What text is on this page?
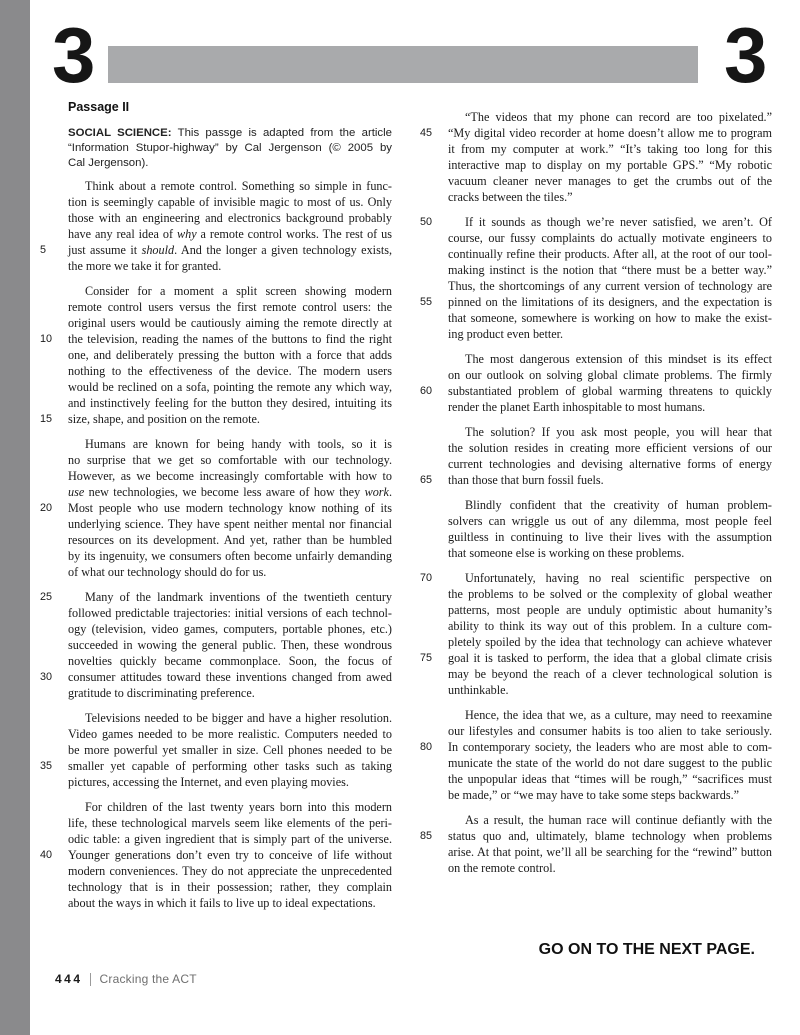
3	3
Passage II
SOCIAL SCIENCE: This passge is adapted from the article
“Information Stupor-highway” by Cal Jergenson (© 2005 by
Cal Jergenson).
Think about a remote control. Something so simple in func-
tion is seemingly capable of invisible magic to most of us. Only
those with an engineering and electronics background probably
have any real idea of why a remote control works. The rest of us
5	just assume it should. And the longer a given technology exists,
the more we take it for granted.
Consider for a moment a split screen showing modern
remote control users versus the first remote control users: the
original users would be cautiously aiming the remote directly at
10	the television, reading the names of the buttons to find the right
one, and deliberately pressing the button with a force that adds
nothing to the effectiveness of the device. The modern users
would be reclined on a sofa, pointing the remote any which way,
and instinctively feeling for the button they desired, intuiting its
15	size, shape, and position on the remote.
Humans are known for being handy with tools, so it is
no surprise that we get so comfortable with our technology.
However, as we become increasingly comfortable with how to
use new technologies, we become less aware of how they work.
20	Most people who use modern technology know nothing of its
underlying science. They have spent neither mental nor financial
resources on its development. And yet, rather than be humbled
by its ingenuity, we consumers often become unfairly demanding
of what our technology should do for us.
25	Many of the landmark inventions of the twentieth century
followed predictable trajectories: initial versions of each technol-
ogy (television, video games, computers, portable phones, etc.)
succeeded in wowing the general public. Then, these wondrous
novelties quickly became commonplace. Soon, the focus of
30	consumer attitudes toward these inventions changed from awed
gratitude to discriminating preference.
Televisions needed to be bigger and have a higher resolution.
Video games needed to be more realistic. Computers needed to
be more powerful yet smaller in size. Cell phones needed to be
35	smaller yet capable of performing other tasks such as taking
pictures, accessing the Internet, and even playing movies.
For children of the last twenty years born into this modern
life, these technological marvels seem like elements of the peri-
odic table: a given ingredient that is simply part of the universe.
40	Younger generations don’t even try to conceive of life without
modern conveniences. They do not appreciate the unprecedented
technology that is in their possession; rather, they complain
about the ways in which it fails to live up to ideal expectations.
“The videos that my phone can record are too pixelated.”
45	“My digital video recorder at home doesn’t allow me to program
it from my computer at work.” “It’s taking too long for this
interactive map to display on my portable GPS.” “My robotic
vacuum cleaner never manages to get the crumbs out of the
cracks between the tiles.”
50	If it sounds as though we’re never satisfied, we aren’t. Of
course, our fussy complaints do actually motivate engineers to
continually refine their products. After all, at the root of our tool-
making instinct is the notion that “there must be a better way.”
Thus, the shortcomings of any current version of technology are
55	pinned on the limitations of its designers, and the expectation is
that someone, somewhere is working on how to make the exist-
ing product even better.
The most dangerous extension of this mindset is its effect
on our outlook on solving global climate problems. The firmly
60	substantiated problem of global warming threatens to quickly
render the planet Earth inhospitable to most humans.
The solution? If you ask most people, you will hear that
the solution resides in creating more efficient versions of our
current technologies and devising alternative forms of energy
65	than those that burn fossil fuels.
Blindly confident that the creativity of human problem-
solvers can wriggle us out of any dilemma, most people feel
guiltless in continuing to live their lives with the assumption
that someone else is working on these problems.
70	Unfortunately, having no real scientific perspective on
the problems to be solved or the complexity of global weather
patterns, most people are unduly optimistic about humanity’s
ability to think its way out of this problem. In a culture com-
pletely spoiled by the idea that technology can achieve whatever
75	goal it is tasked to perform, the idea that a global climate crisis
may be beyond the reach of a clever technological solution is
unthinkable.
Hence, the idea that we, as a culture, may need to reexamine
our lifestyles and consumer habits is too alien to take seriously.
80	In contemporary society, the leaders who are most able to com-
municate the state of the world do not dare suggest to the public
the unpopular ideas that “times will be rough,” “sacrifices must
be made,” or “we may have to take some steps backwards.”
As a result, the human race will continue defiantly with the
85	status quo and, ultimately, blame technology when problems
arise. At that point, we’ll all be searching for the “rewind” button
on the remote control.
GO ON TO THE NEXT PAGE.
444 Cracking the ACT
